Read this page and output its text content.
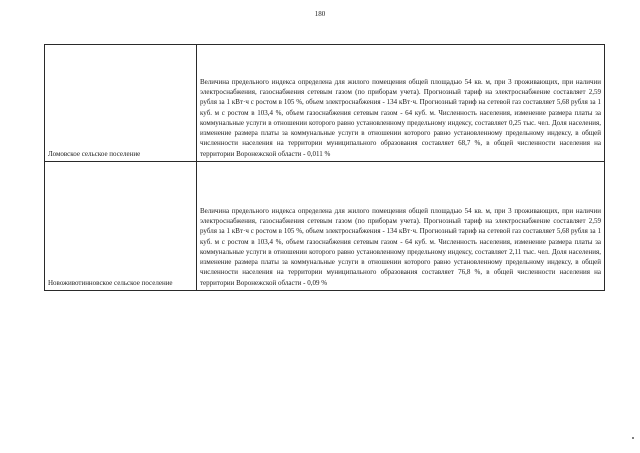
180
Ломовское сельское поселение	Величина предельного индекса определена для жилого помещения общей площадью 54 кв. м, при 3 проживающих, при наличии электроснабжения, газоснабжения сетевым газом (по приборам учета). Прогнозный тариф на электроснабжение составляет 2,59 рубля за 1 кВт·ч с ростом в 105 %, объем электроснабжения - 134 кВт·ч. Прогнозный тариф на сетевой газ составляет 5,68 рубля за 1 куб. м с ростом в 103,4 %, объем газоснабжения сетевым газом - 64 куб. м. Численность населения, изменение размера платы за коммунальные услуги в отношении которого равно установленному предельному индексу, составляет 0,25 тыс. чел. Доля населения, изменение размера платы за коммунальные услуги в отношении которого равно установленному предельному индексу, в общей численности населения на территории муниципального образования составляет 68,7 %, в общей численности населения на территории Воронежской области - 0,011 %
Новоживотинновское сельское поселение	Величина предельного индекса определена для жилого помещения общей площадью 54 кв. м, при 3 проживающих, при наличии электроснабжения, газоснабжения сетевым газом (по приборам учета). Прогнозный тариф на электроснабжение составляет 2,59 рубля за 1 кВт·ч с ростом в 105 %, объем электроснабжения - 134 кВт·ч. Прогнозный тариф на сетевой газ составляет 5,68 рубля за 1 куб. м с ростом в 103,4 %, объем газоснабжения сетевым газом - 64 куб. м. Численность населения, изменение размера платы за коммунальные услуги в отношении которого равно установленному предельному индексу, составляет 2,11 тыс. чел. Доля населения, изменение размера платы за коммунальные услуги в отношении которого равно установленному предельному индексу, в общей численности населения на территории муниципального образования составляет 76,8 %, в общей численности населения на территории Воронежской области - 0,09 %
